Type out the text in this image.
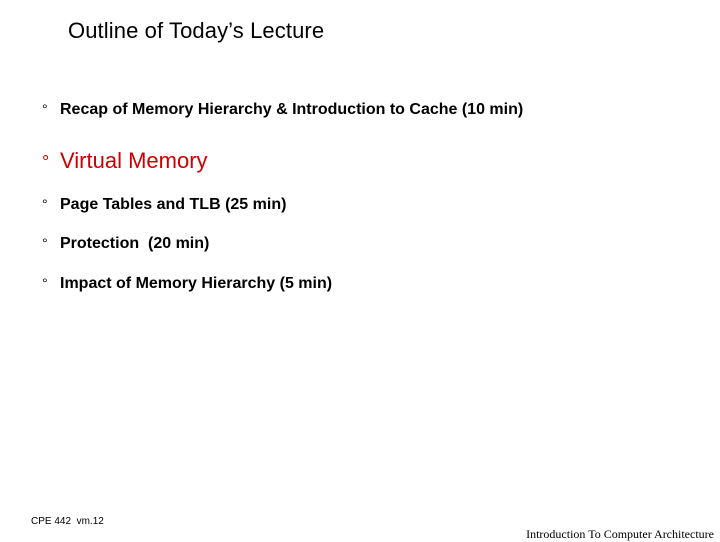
Outline of Today’s Lecture
° Recap of Memory Hierarchy & Introduction to Cache (10 min)
° Virtual Memory
° Page Tables and TLB (25 min)
° Protection  (20 min)
° Impact of Memory Hierarchy (5 min)
CPE 442  vm.12
Introduction To Computer Architecture
